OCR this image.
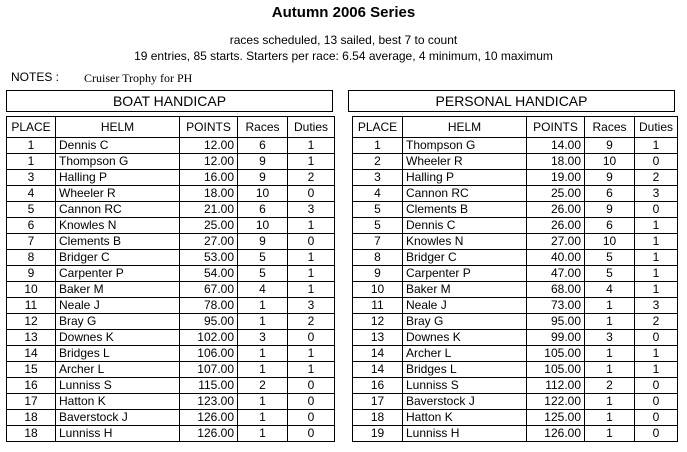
Autumn 2006 Series
races scheduled, 13 sailed, best 7 to count
19 entries, 85 starts. Starters per race: 6.54 average, 4 minimum, 10 maximum
NOTES : Cruiser Trophy for PH
BOAT HANDICAP	PERSONAL HANDICAP
PLACE	HELM	POINTS	Races	Duties
1	Dennis C	12.00	6	1
1	Thompson G	12.00	9	1
3	Halling P	16.00	9	2
4	Wheeler R	18.00	10	0
5	Cannon RC	21.00	6	3
6	Knowles N	25.00	10	1
7	Clements B	27.00	9	0
8	Bridger C	53.00	5	1
9	Carpenter P	54.00	5	1
10	Baker M	67.00	4	1
11	Neale J	78.00	1	3
12	Bray G	95.00	1	2
13	Downes K	102.00	3	0
14	Bridges L	106.00	1	1
15	Archer L	107.00	1	1
16	Lunniss S	115.00	2	0
17	Hatton K	123.00	1	0
18	Baverstock J	126.00	1	0
18	Lunniss H	126.00	1	0
PLACE	HELM	POINTS	Races	Duties
1	Thompson G	14.00	9	1
2	Wheeler R	18.00	10	0
3	Halling P	19.00	9	2
4	Cannon RC	25.00	6	3
5	Clements B	26.00	9	0
5	Dennis C	26.00	6	1
7	Knowles N	27.00	10	1
8	Bridger C	40.00	5	1
9	Carpenter P	47.00	5	1
10	Baker M	68.00	4	1
11	Neale J	73.00	1	3
12	Bray G	95.00	1	2
13	Downes K	99.00	3	0
14	Archer L	105.00	1	1
14	Bridges L	105.00	1	1
16	Lunniss S	112.00	2	0
17	Baverstock J	122.00	1	0
18	Hatton K	125.00	1	0
19	Lunniss H	126.00	1	0
